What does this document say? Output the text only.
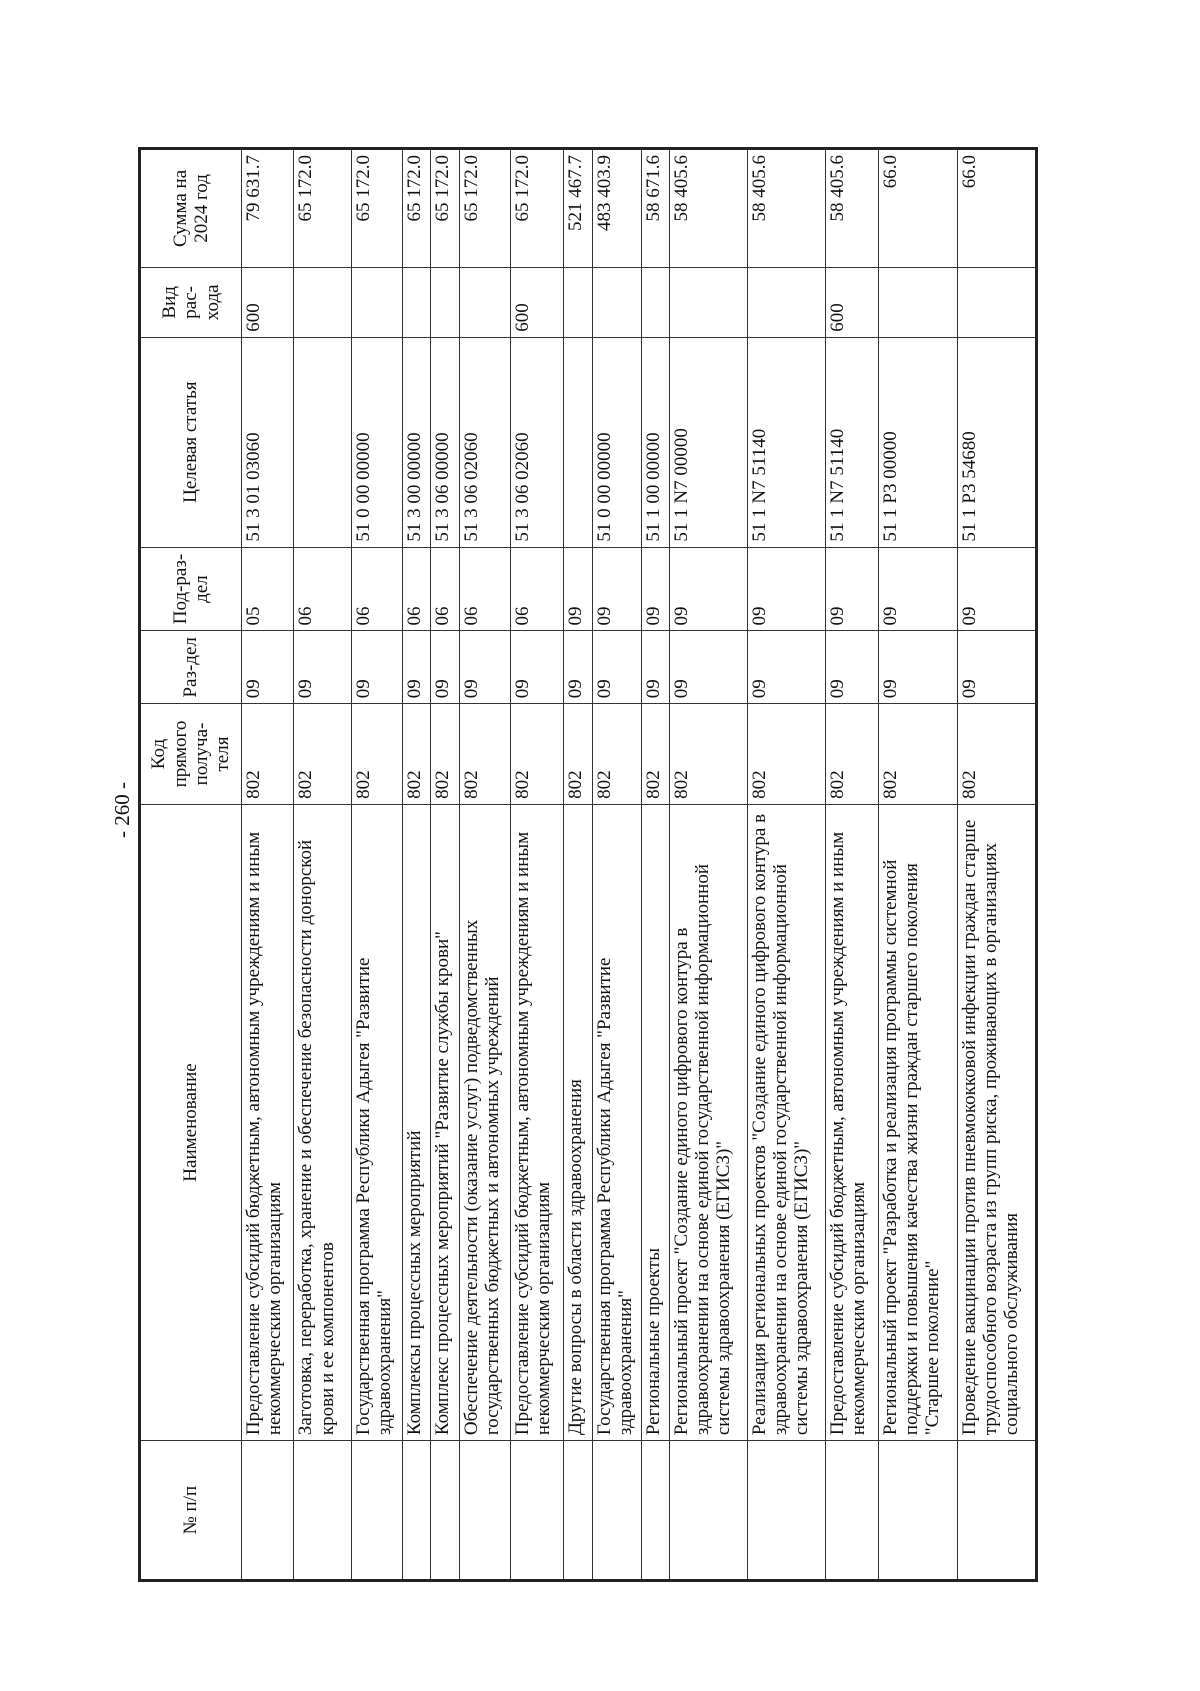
- 260 -
№ п/п	Наименование	Код прямого получа-теля	Раз-дел	Под-раз-дел	Целевая статья	Вид рас-хода	Сумма на 2024 год
	Предоставление субсидий бюджетным, автономным учреждениям и иным некоммерческим организациям	802	09	05	51 3 01 03060	600	79 631.7
	Заготовка, переработка, хранение и обеспечение безопасности донорской крови и ее компонентов	802	09	06			65 172.0
	Государственная программа Республики Адыгея "Развитие здравоохранения"	802	09	06	51 0 00 00000		65 172.0
	Комплексы процессных мероприятий	802	09	06	51 3 00 00000		65 172.0
	Комплекс процессных мероприятий "Развитие службы крови"	802	09	06	51 3 06 00000		65 172.0
	Обеспечение деятельности (оказание услуг) подведомственных государственных бюджетных и автономных учреждений	802	09	06	51 3 06 02060		65 172.0
	Предоставление субсидий бюджетным, автономным учреждениям и иным некоммерческим организациям	802	09	06	51 3 06 02060	600	65 172.0
	Другие вопросы в области здравоохранения	802	09	09			521 467.7
	Государственная программа Республики Адыгея "Развитие здравоохранения"	802	09	09	51 0 00 00000		483 403.9
	Региональные проекты	802	09	09	51 1 00 00000		58 671.6
	Региональный проект "Создание единого цифрового контура в здравоохранении на основе единой государственной информационной системы здравоохранения (ЕГИСЗ)"	802	09	09	51 1 N7 00000		58 405.6
	Реализация региональных проектов "Создание единого цифрового контура в здравоохранении на основе единой государственной информационной системы здравоохранения (ЕГИСЗ)"	802	09	09	51 1 N7 51140		58 405.6
	Предоставление субсидий бюджетным, автономным учреждениям и иным некоммерческим организациям	802	09	09	51 1 N7 51140	600	58 405.6
	Региональный проект "Разработка и реализация программы системной поддержки и повышения качества жизни граждан старшего поколения "Старшее поколение"	802	09	09	51 1 P3 00000		66.0
	Проведение вакцинации против пневмококковой инфекции граждан старше трудоспособного возраста из групп риска, проживающих в организациях социального обслуживания	802	09	09	51 1 P3 54680		66.0
